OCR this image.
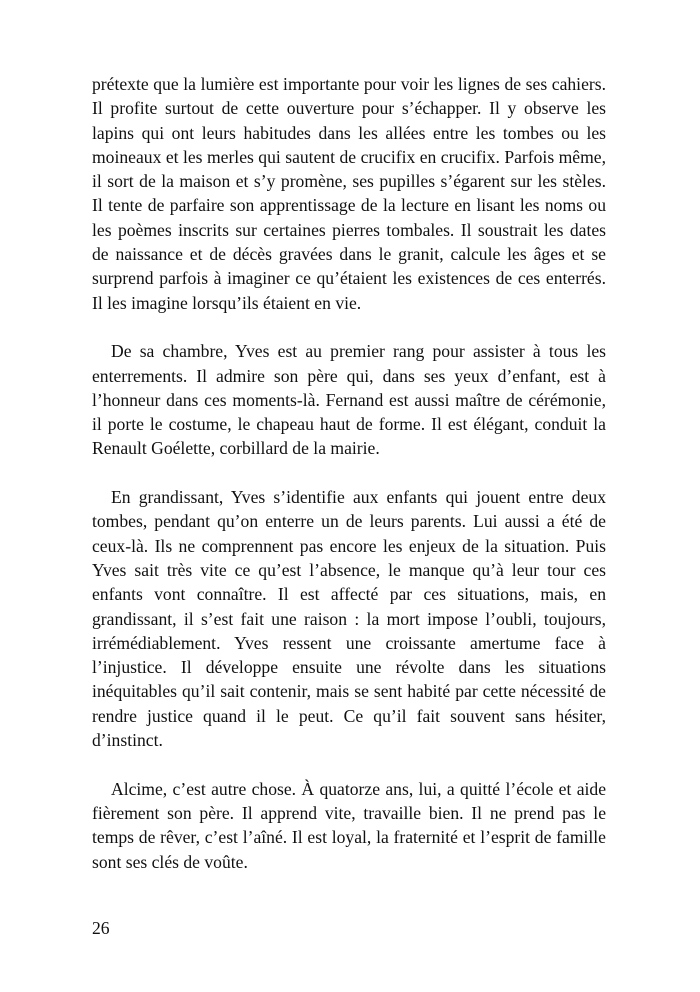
prétexte que la lumière est importante pour voir les lignes de ses cahiers. Il profite surtout de cette ouverture pour s’échapper. Il y observe les lapins qui ont leurs habitudes dans les allées entre les tombes ou les moineaux et les merles qui sautent de crucifix en crucifix. Parfois même, il sort de la maison et s’y promène, ses pupilles s’égarent sur les stèles. Il tente de parfaire son apprentissage de la lecture en lisant les noms ou les poèmes inscrits sur certaines pierres tombales. Il soustrait les dates de naissance et de décès gravées dans le granit, calcule les âges et se surprend parfois à imaginer ce qu’étaient les existences de ces enterrés. Il les imagine lorsqu’ils étaient en vie.

De sa chambre, Yves est au premier rang pour assister à tous les enterrements. Il admire son père qui, dans ses yeux d’enfant, est à l’honneur dans ces moments-là. Fernand est aussi maître de cérémonie, il porte le costume, le chapeau haut de forme. Il est élégant, conduit la Renault Goélette, corbillard de la mairie.

En grandissant, Yves s’identifie aux enfants qui jouent entre deux tombes, pendant qu’on enterre un de leurs parents. Lui aussi a été de ceux-là. Ils ne comprennent pas encore les enjeux de la situation. Puis Yves sait très vite ce qu’est l’absence, le manque qu’à leur tour ces enfants vont connaître. Il est affecté par ces situations, mais, en grandissant, il s’est fait une raison : la mort impose l’oubli, toujours, irrémédiablement. Yves ressent une croissante amertume face à l’injustice. Il développe ensuite une révolte dans les situations inéquitables qu’il sait contenir, mais se sent habité par cette nécessité de rendre justice quand il le peut. Ce qu’il fait souvent sans hésiter, d’instinct.

Alcime, c’est autre chose. À quatorze ans, lui, a quitté l’école et aide fièrement son père. Il apprend vite, travaille bien. Il ne prend pas le temps de rêver, c’est l’aîné. Il est loyal, la fraternité et l’esprit de famille sont ses clés de voûte.

26
